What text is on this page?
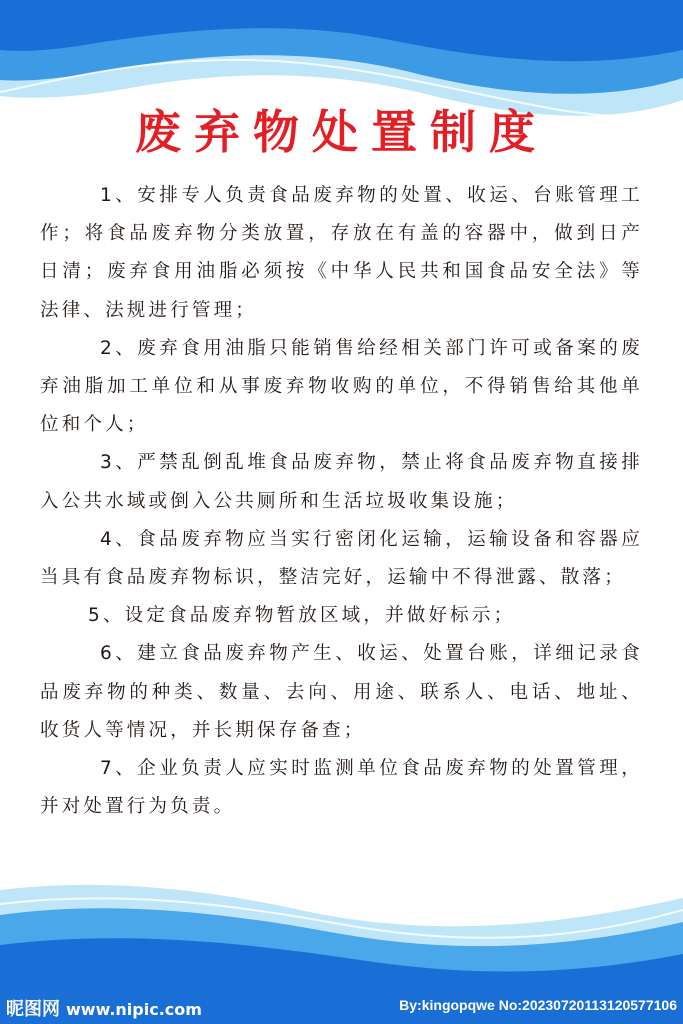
废弃物处置制度

1、安排专人负责食品废弃物的处置、收运、台账管理工作；将食品废弃物分类放置，存放在有盖的容器中，做到日产日清；废弃食用油脂必须按《中华人民共和国食品安全法》等法律、法规进行管理；

2、废弃食用油脂只能销售给经相关部门许可或备案的废弃油脂加工单位和从事废弃物收购的单位，不得销售给其他单位和个人；

3、严禁乱倒乱堆食品废弃物，禁止将食品废弃物直接排入公共水域或倒入公共厕所和生活垃圾收集设施；

4、食品废弃物应当实行密闭化运输，运输设备和容器应当具有食品废弃物标识，整洁完好，运输中不得泄露、散落；

5、设定食品废弃物暂放区域，并做好标示；

6、建立食品废弃物产生、收运、处置台账，详细记录食品废弃物的种类、数量、去向、用途、联系人、电话、地址、收货人等情况，并长期保存备查；

7、企业负责人应实时监测单位食品废弃物的处置管理，并对处置行为负责。

昵图网 www.nipic.com	By:kingopqwe No:20230720113120577106
